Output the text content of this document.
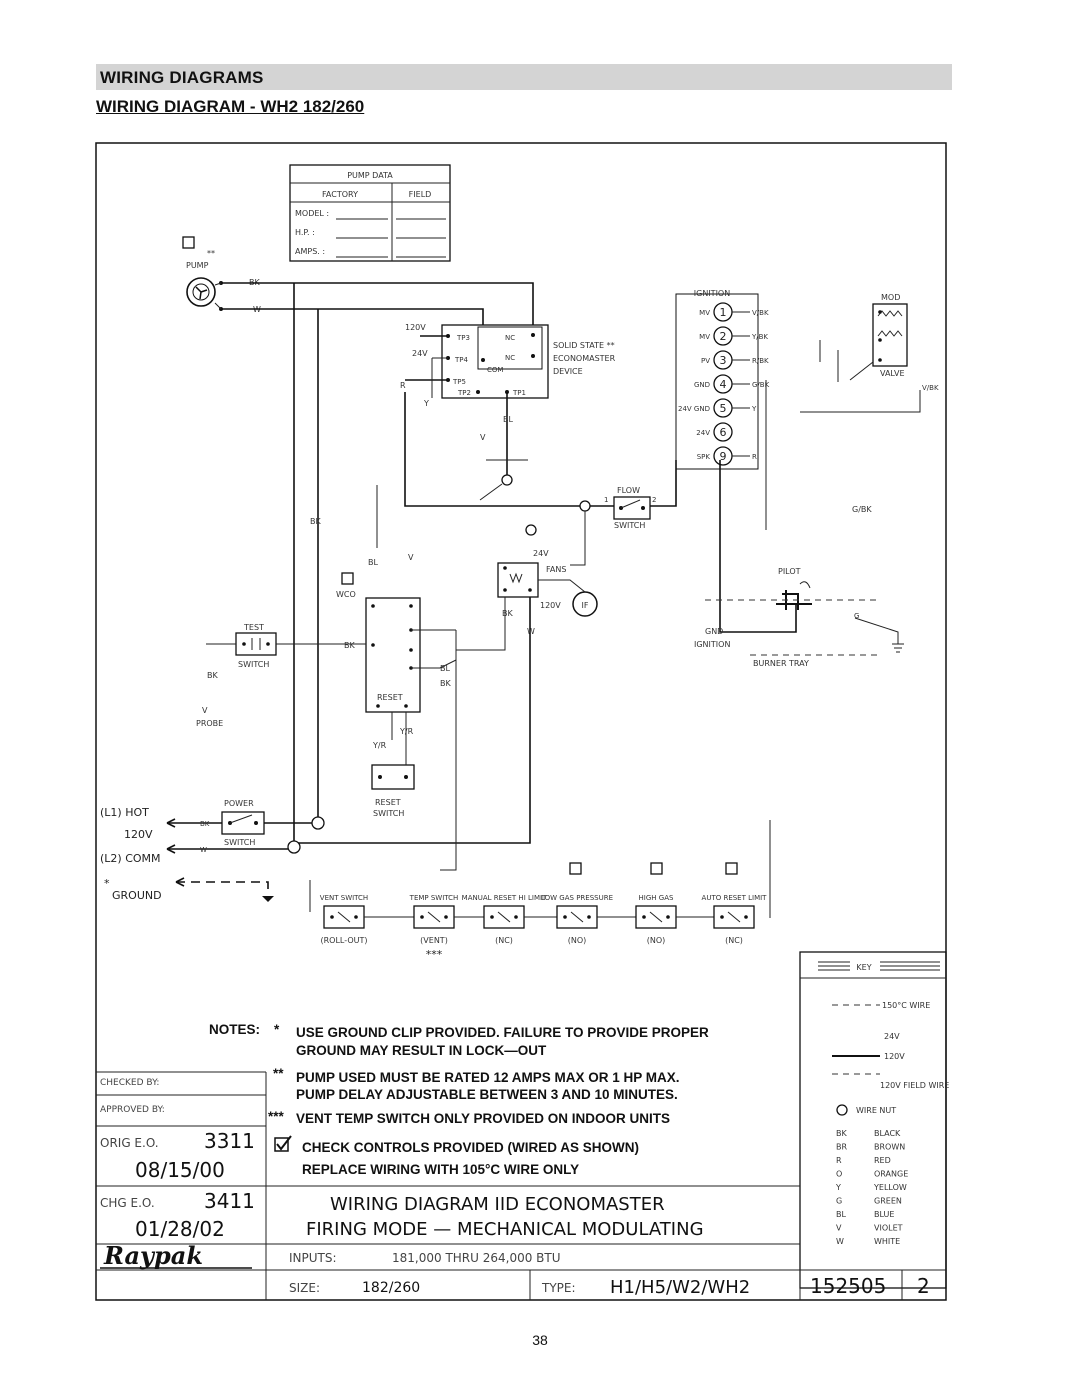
WIRING DIAGRAMS
WIRING DIAGRAM - WH2 182/260
PUMP DATA
FACTORY	FIELD
MODEL :
H.P. :
AMPS. :
**
PUMP
BK
W
TP3
TP4
TP5
TP2	TP1
NC
NC
COM
120V
24V
SOLID STATE **
ECONOMASTER
DEVICE
R
Y
BL
V
IGNITION
1
MV	V/BK
2
MV	Y/BK
3
PV	R/BK
4
GND	G/BK
5
24V GND	Y
6
24V
9
SPK	R
MOD
VALVE
V/BK
FLOW
SWITCH
1	2
G/BK
PILOT
GND
IGNITION
BURNER TRAY
G
FANS
24V
120V	IF
BK
W
WCO
RESET
BL
V
BL
BK
BK
Y/R
Y/R
TEST
SWITCH
BK
BK
V
PROBE
RESET
SWITCH
POWER
SWITCH
BK
W
(L1) HOT
120V
(L2) COMM
*
GROUND	VENT SWITCH
(ROLL-OUT)
TEMP SWITCH
(VENT)
***
MANUAL RESET HI LIMIT
(NC)
LOW GAS PRESSURE
(NO)
HIGH GAS
(NO)
AUTO RESET LIMIT
(NC)
KEY
150°C WIRE
24V
120V
120V FIELD WIRE
WIRE NUT
BK	BLACK
BR	BROWN
R	RED
O	ORANGE
Y	YELLOW
G	GREEN
BL	BLUE
V	VIOLET
W	WHITE
NOTES: * USE GROUND CLIP PROVIDED. FAILURE TO PROVIDE PROPER
GROUND MAY RESULT IN LOCK—OUT
** PUMP USED MUST BE RATED 12 AMPS MAX OR 1 HP MAX.
PUMP DELAY ADJUSTABLE BETWEEN 3 AND 10 MINUTES.
*** VENT TEMP SWITCH ONLY PROVIDED ON INDOOR UNITS
CHECK CONTROLS PROVIDED (WIRED AS SHOWN)
REPLACE WIRING WITH 105°C WIRE ONLY
CHECKED BY:
APPROVED BY:
ORIG E.O. 3311
08/15/00
CHG E.O. 3411
01/28/02
Raypak
WIRING DIAGRAM IID ECONOMASTER
FIRING MODE — MECHANICAL MODULATING
INPUTS:	181,000 THRU 264,000 BTU
SIZE:	182/260	TYPE: H1/H5/W2/WH2	152505 2
38
